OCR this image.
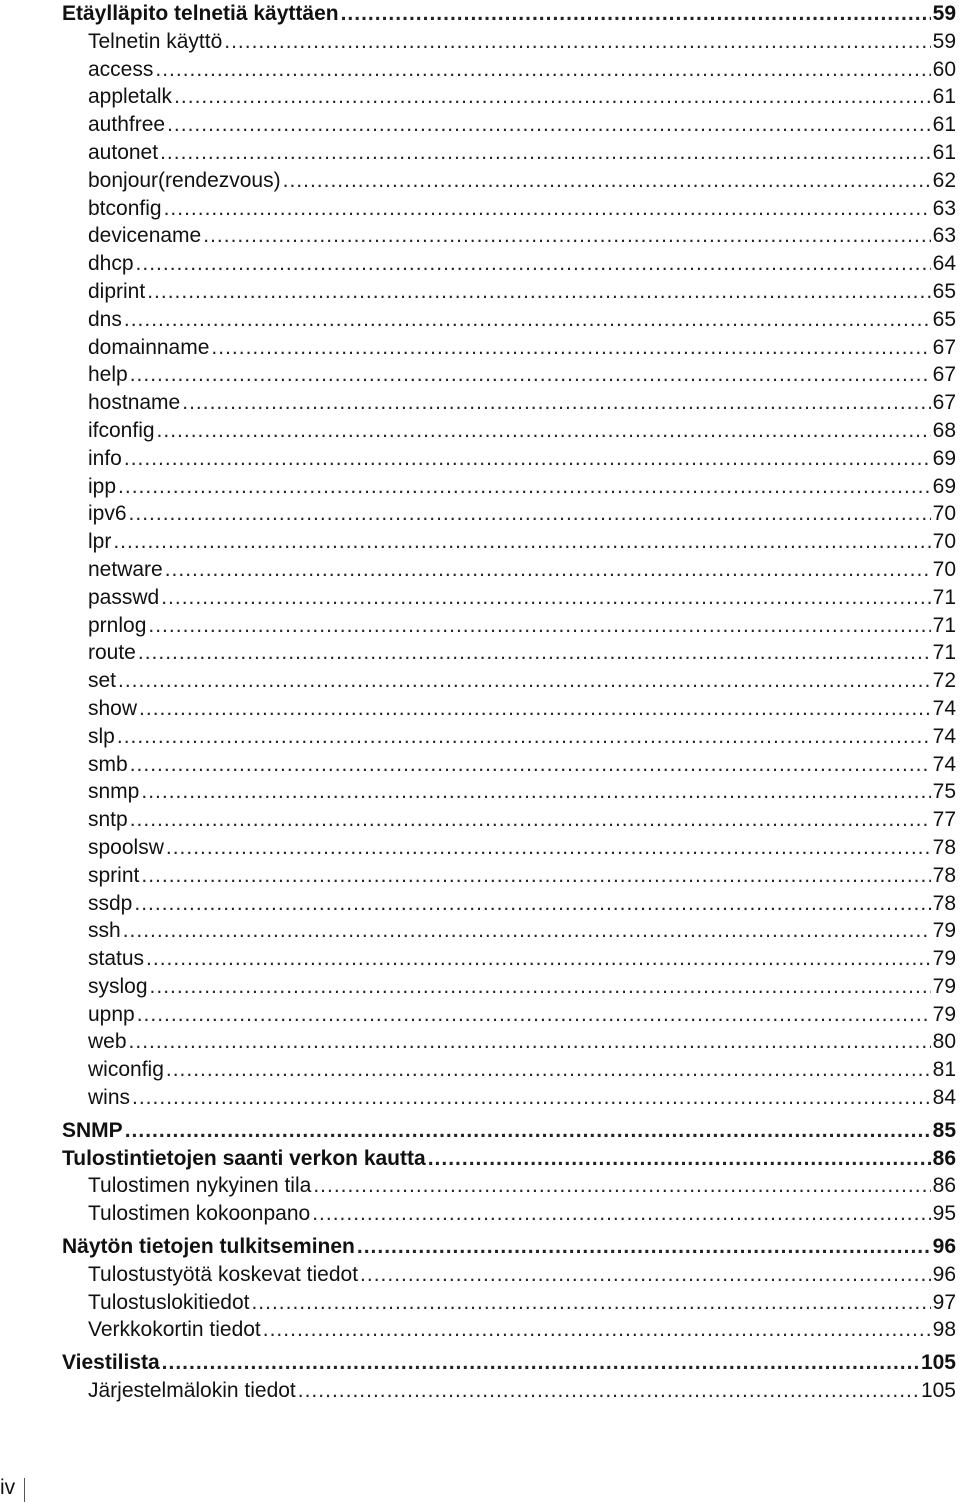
Etäylläpito telnetiä käyttäen .....	59
Telnetin käyttö .....	59
access .....	60
appletalk .....	61
authfree .....	61
autonet .....	61
bonjour(rendezvous) .....	62
btconfig .....	63
devicename .....	63
dhcp .....	64
diprint .....	65
dns .....	65
domainname .....	67
help .....	67
hostname .....	67
ifconfig .....	68
info .....	69
ipp .....	69
ipv6 .....	70
lpr .....	70
netware .....	70
passwd .....	71
prnlog .....	71
route .....	71
set .....	72
show .....	74
slp .....	74
smb .....	74
snmp .....	75
sntp .....	77
spoolsw .....	78
sprint .....	78
ssdp .....	78
ssh .....	79
status .....	79
syslog .....	79
upnp .....	79
web .....	80
wiconfig .....	81
wins .....	84
SNMP .....	85
Tulostintietojen saanti verkon kautta .....	86
Tulostimen nykyinen tila .....	86
Tulostimen kokoonpano .....	95
Näytön tietojen tulkitseminen .....	96
Tulostustyötä koskevat tiedot .....	96
Tulostuslokitiedot .....	97
Verkkokortin tiedot .....	98
Viestilista .....	105
Järjestelmälokin tiedot .....	105
iv
